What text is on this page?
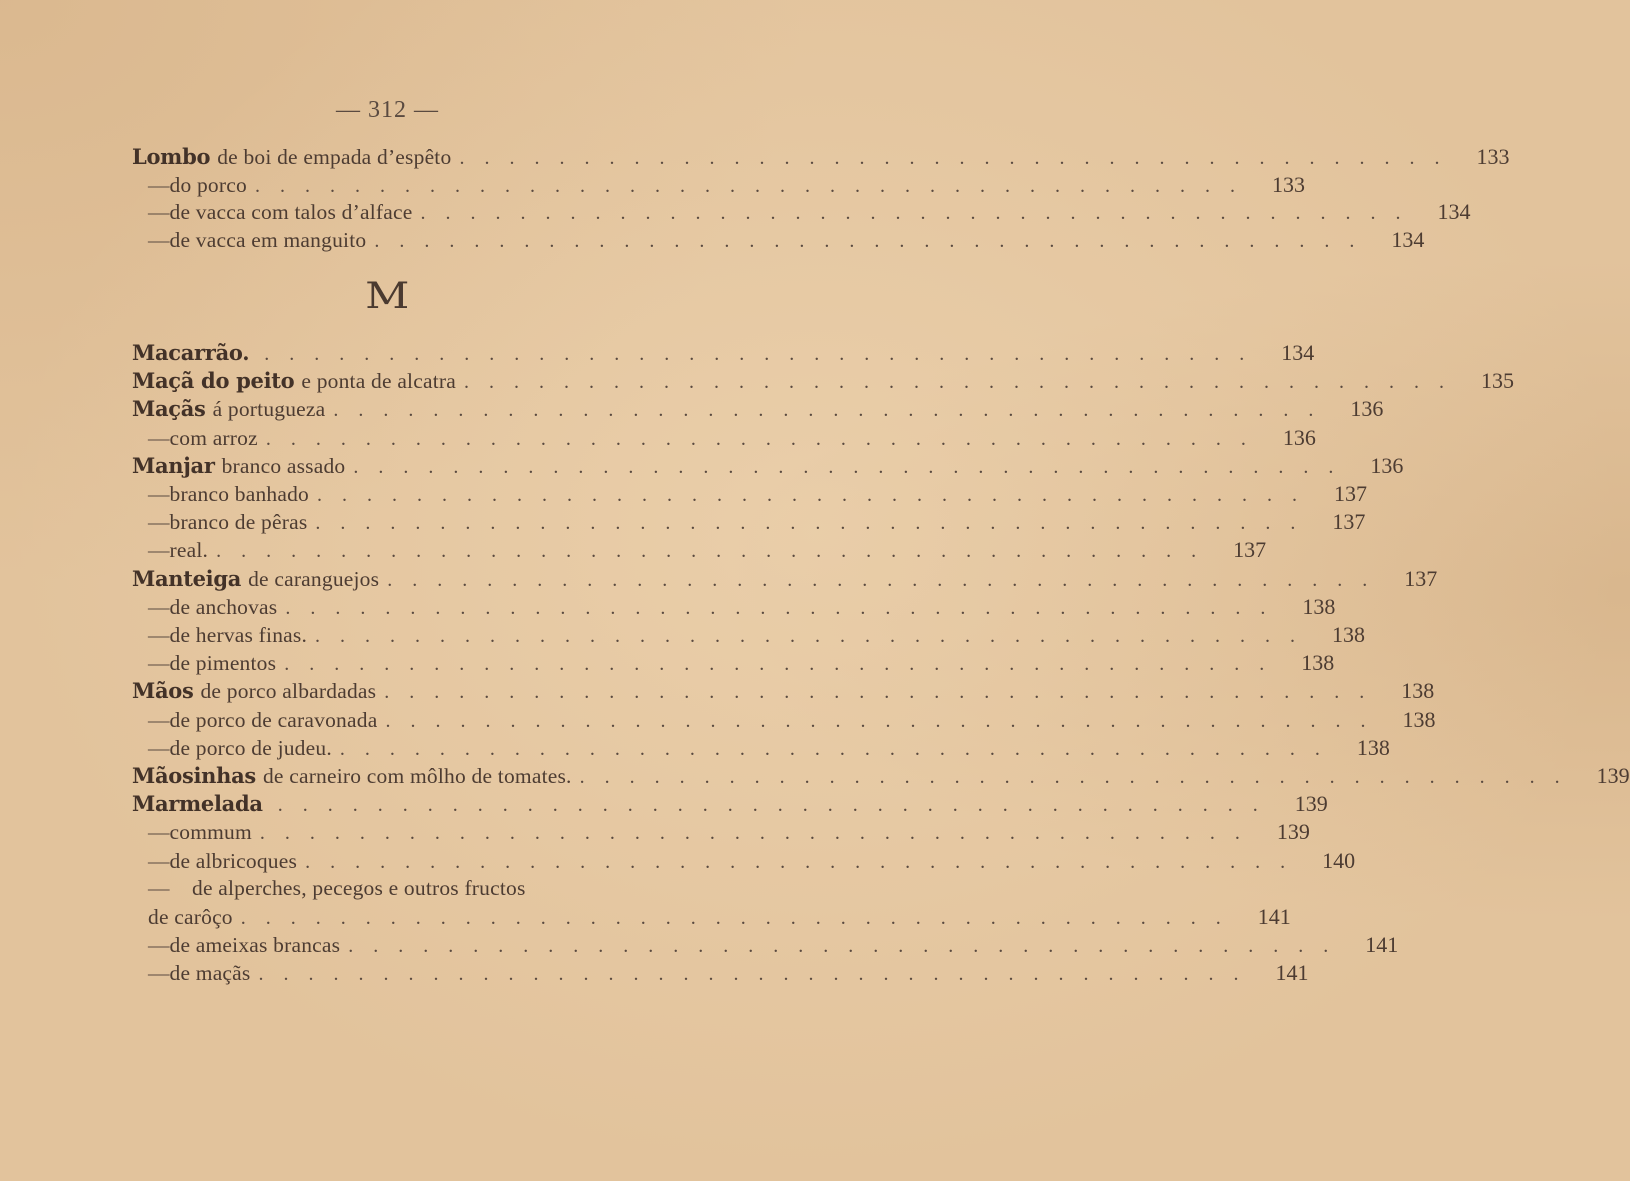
— 312 —
M
Lombo de boi de empada d’espêto . . . . . . . . . . . . . . . . . . . . . . . . . . . . . . . . . . . . . . . .  133
— do porco . . . . . . . . . . . . . . . . . . . . . . . . . . . . . . . . . . . . . . . .  133
— de vacca com talos d’alface . . . . . . . . . . . . . . . . . . . . . . . . . . . . . . . . . . . . . . . .  134
— de vacca em manguito . . . . . . . . . . . . . . . . . . . . . . . . . . . . . . . . . . . . . . . .  134
Macarrão. . . . . . . . . . . . . . . . . . . . . . . . . . . . . . . . . . . . . . . . .  134
Maçã do peito e ponta de alcatra . . . . . . . . . . . . . . . . . . . . . . . . . . . . . . . . . . . . . . . .  135
Maçãs á portugueza . . . . . . . . . . . . . . . . . . . . . . . . . . . . . . . . . . . . . . . .  136
— com arroz . . . . . . . . . . . . . . . . . . . . . . . . . . . . . . . . . . . . . . . .  136
Manjar branco assado . . . . . . . . . . . . . . . . . . . . . . . . . . . . . . . . . . . . . . . .  136
— branco banhado . . . . . . . . . . . . . . . . . . . . . . . . . . . . . . . . . . . . . . . .  137
— branco de pêras . . . . . . . . . . . . . . . . . . . . . . . . . . . . . . . . . . . . . . . .  137
— real. . . . . . . . . . . . . . . . . . . . . . . . . . . . . . . . . . . . . . . . .  137
Manteiga de caranguejos . . . . . . . . . . . . . . . . . . . . . . . . . . . . . . . . . . . . . . . .  137
— de anchovas . . . . . . . . . . . . . . . . . . . . . . . . . . . . . . . . . . . . . . . .  138
— de hervas finas. . . . . . . . . . . . . . . . . . . . . . . . . . . . . . . . . . . . . . . . .  138
— de pimentos . . . . . . . . . . . . . . . . . . . . . . . . . . . . . . . . . . . . . . . .  138
Mãos de porco albardadas . . . . . . . . . . . . . . . . . . . . . . . . . . . . . . . . . . . . . . . .  138
— de porco de caravonada . . . . . . . . . . . . . . . . . . . . . . . . . . . . . . . . . . . . . . . .  138
— de porco de judeu. . . . . . . . . . . . . . . . . . . . . . . . . . . . . . . . . . . . . . . . .  138
Mãosinhas de carneiro com môlho de tomates. . . . . . . . . . . . . . . . . . . . . . . . . . . . . . . . . . . . . . . . .  139
Marmelada . . . . . . . . . . . . . . . . . . . . . . . . . . . . . . . . . . . . . . . .  139
— commum . . . . . . . . . . . . . . . . . . . . . . . . . . . . . . . . . . . . . . . .  139
— de albricoques . . . . . . . . . . . . . . . . . . . . . . . . . . . . . . . . . . . . . . . .  140
—	de alperches, pecegos e outros fructos
de carôço . . . . . . . . . . . . . . . . . . . . . . . . . . . . . . . . . . . . . . . .  141
— de ameixas brancas . . . . . . . . . . . . . . . . . . . . . . . . . . . . . . . . . . . . . . . .  141
— de maçãs . . . . . . . . . . . . . . . . . . . . . . . . . . . . . . . . . . . . . . . .  141
